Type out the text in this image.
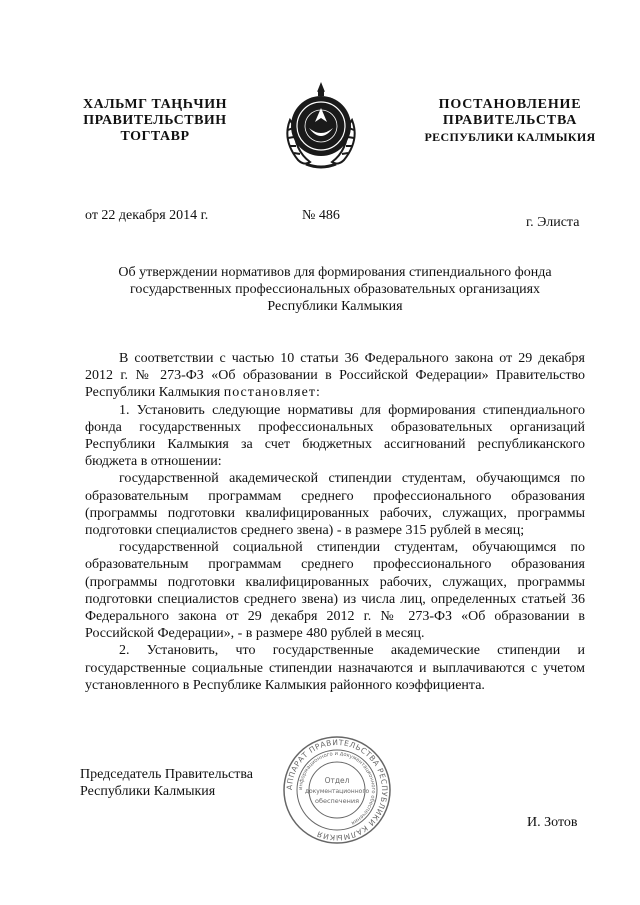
ХАЛЬМГ ТАҢҺЧИН
ПРАВИТЕЛЬСТВИН
ТОГТАВР
ПОСТАНОВЛЕНИЕ
ПРАВИТЕЛЬСТВА
РЕСПУБЛИКИ КАЛМЫКИЯ
от 22 декабря 2014 г.	№ 486	г. Элиста
Об утверждении нормативов для формирования стипендиального фонда
государственных профессиональных образовательных организациях
Республики Калмыкия

В соответствии с частью 10 статьи 36 Федерального закона от 29 декабря 2012 г. № 273-ФЗ «Об образовании в Российской Федерации» Правительство Республики Калмыкия постановляет:

1. Установить следующие нормативы для формирования стипендиального фонда государственных профессиональных образовательных организаций Республики Калмыкия за счет бюджетных ассигнований республиканского бюджета в отношении:

государственной академической стипендии студентам, обучающимся по образовательным программам среднего профессионального образования (программы подготовки квалифицированных рабочих, служащих, программы подготовки специалистов среднего звена) - в размере 315 рублей в месяц;

государственной социальной стипендии студентам, обучающимся по образовательным программам среднего профессионального образования (программы подготовки квалифицированных рабочих, служащих, программы подготовки специалистов среднего звена) из числа лиц, определенных статьей 36 Федерального закона от 29 декабря 2012 г. № 273-ФЗ «Об образовании в Российской Федерации», - в размере 480 рублей в месяц.

2. Установить, что государственные академические стипендии и государственные социальные стипендии назначаются и выплачиваются с учетом установленного в Республике Калмыкия районного коэффициента.

Председатель Правительства
Республики Калмыкия
И. Зотов
АППАРАТ ПРАВИТЕЛЬСТВА РЕСПУБЛИКИ КАЛМЫКИЯ
информационного и документационного обеспечения
Отдел
документационного
обеспечения
